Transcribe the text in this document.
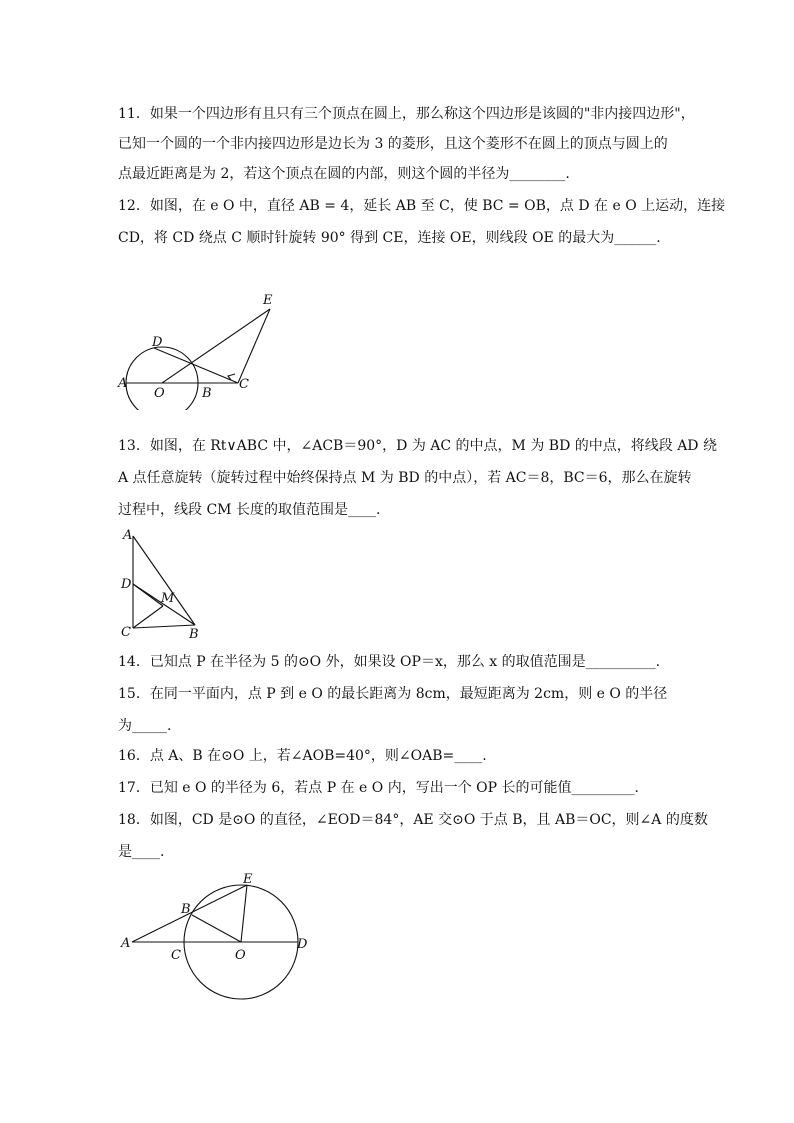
11．如果一个四边形有且只有三个顶点在圆上，那么称这个四边形是该圆的"非内接四边形"，
已知一个圆的一个非内接四边形是边长为 3 的菱形，且这个菱形不在圆上的顶点与圆上的
点最近距离是为 2，若这个顶点在圆的内部，则这个圆的半径为________.
12．如图，在 e O 中，直径 AB = 4，延长 AB 至 C，使 BC = OB，点 D 在 e O 上运动，连接
CD，将 CD 绕点 C 顺时针旋转 90° 得到 CE，连接 OE，则线段 OE 的最大为______.
E
D
A
O	B
C
13．如图，在 Rt∨ABC 中，∠ACB＝90°，D 为 AC 的中点，M 为 BD 的中点，将线段 AD 绕
A 点任意旋转（旋转过程中始终保持点 M 为 BD 的中点），若 AC＝8，BC＝6，那么在旋转
过程中，线段 CM 长度的取值范围是____.
A
D
M
C	B
14．已知点 P 在半径为 5 的⊙O 外，如果设 OP＝x，那么 x 的取值范围是__________.
15．在同一平面内，点 P 到 e O 的最长距离为 8cm，最短距离为 2cm，则 e O 的半径
为_____.
16．点 A、B 在⊙O 上，若∠AOB=40°，则∠OAB=____.
17．已知 e O 的半径为 6，若点 P 在 e O 内，写出一个 OP 长的可能值_________.
18．如图，CD 是⊙O 的直径，∠EOD＝84°，AE 交⊙O 于点 B，且 AB＝OC，则∠A 的度数
是____.
E
B
A
C	O
D
